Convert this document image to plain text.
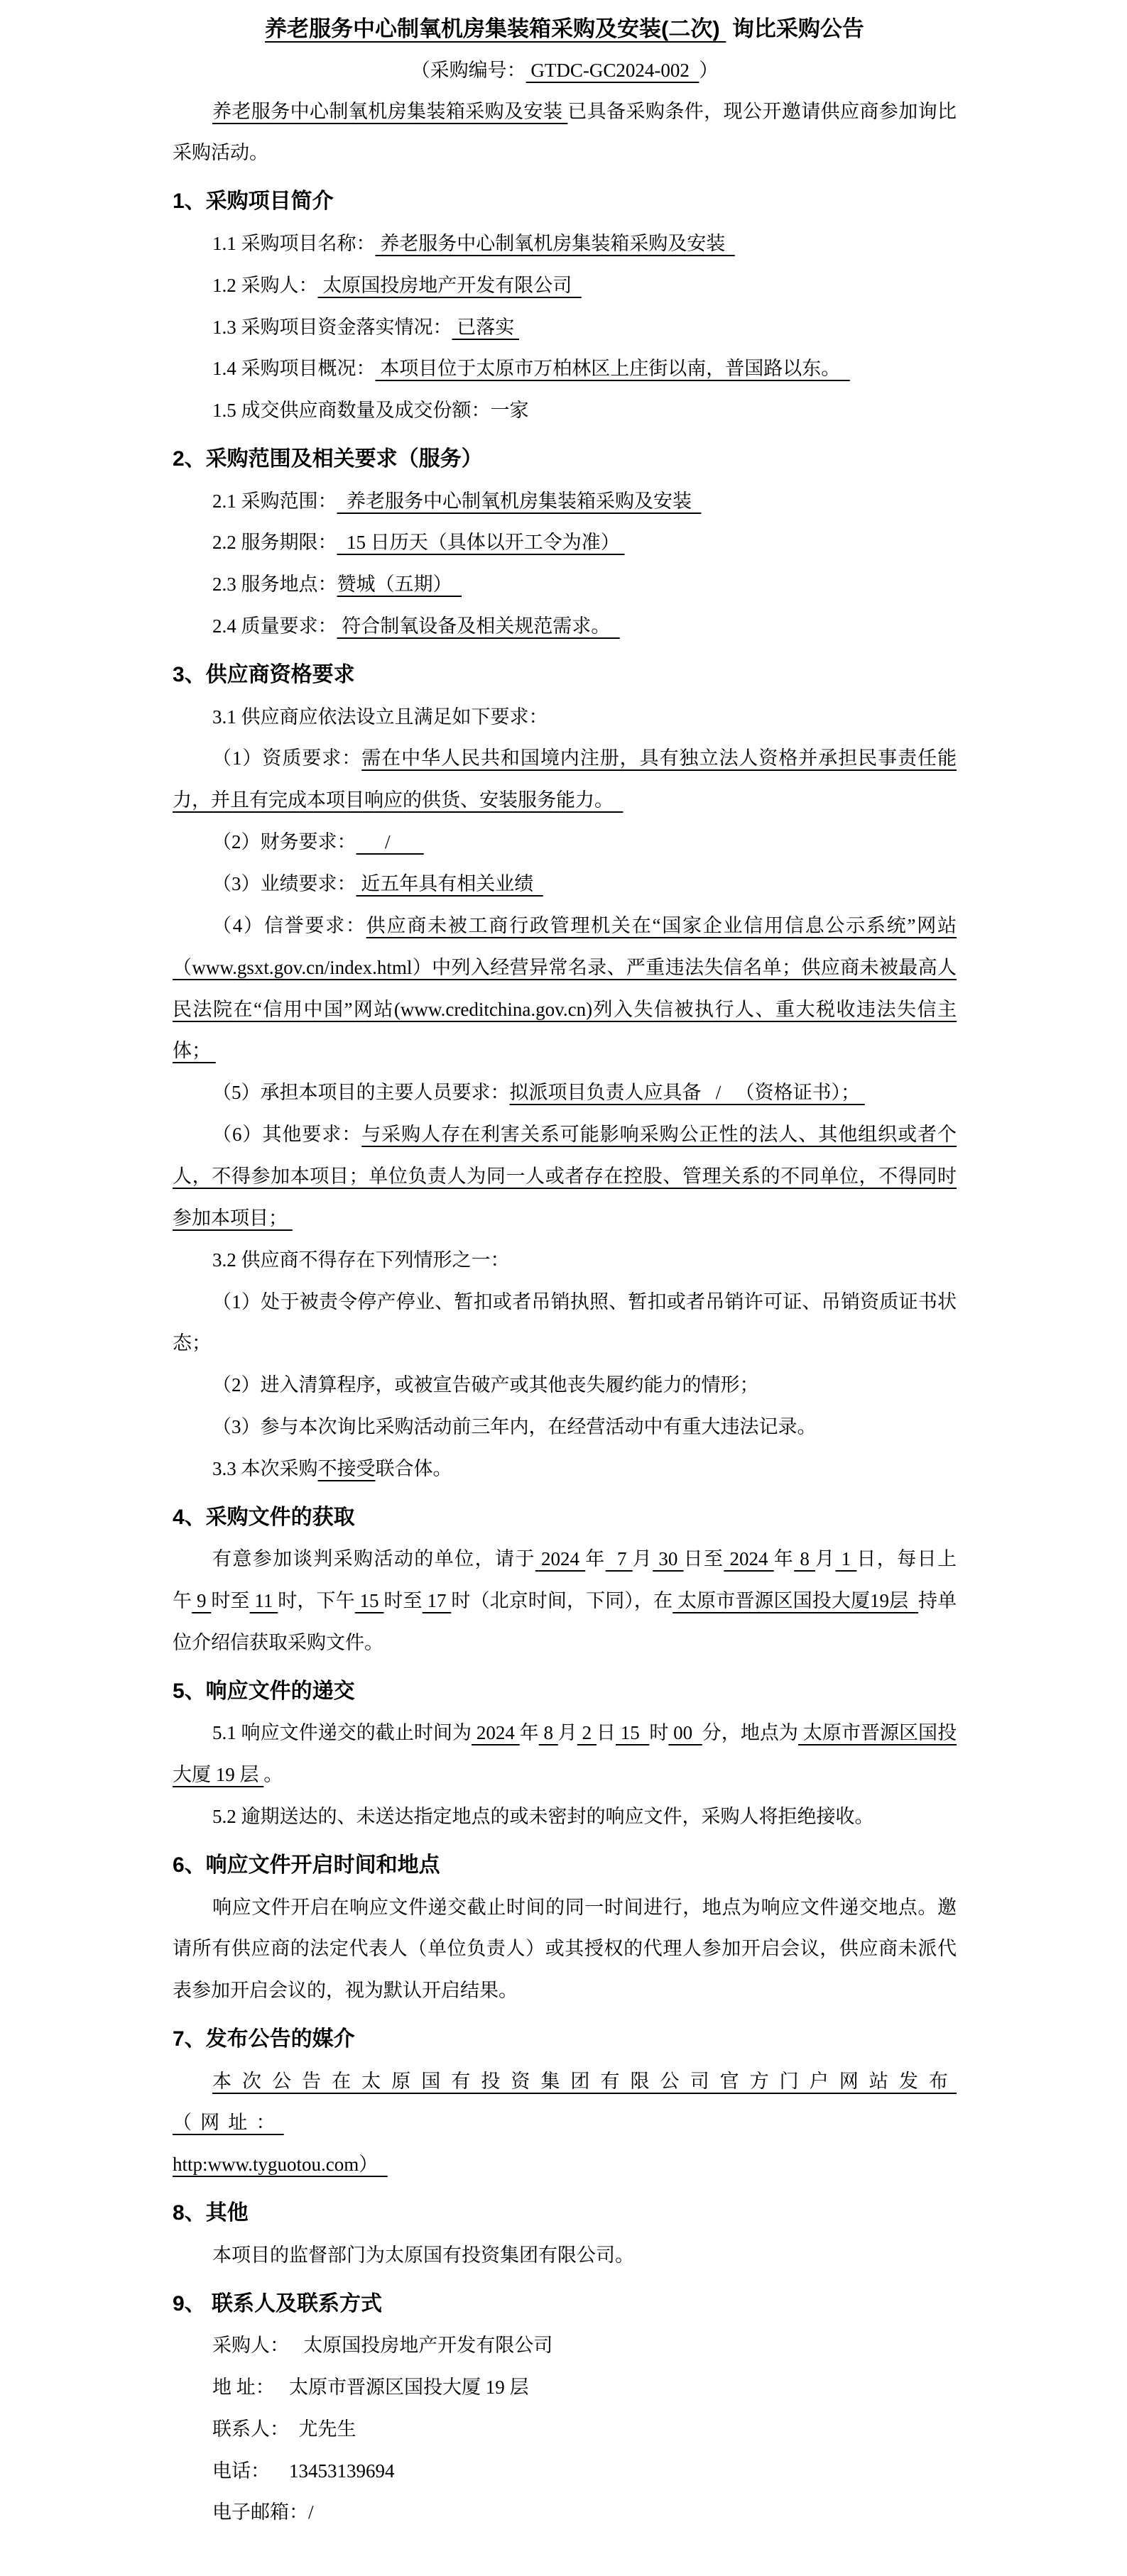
养老服务中心制氧机房集装箱采购及安装(二次)  询比采购公告

（采购编号： GTDC-GC2024-002  ）

养老服务中心制氧机房集装箱采购及安装 已具备采购条件，现公开邀请供应商参加询比采购活动。

1、采购项目简介

1.1 采购项目名称： 养老服务中心制氧机房集装箱采购及安装

1.2 采购人： 太原国投房地产开发有限公司

1.3 采购项目资金落实情况： 已落实

1.4 采购项目概况： 本项目位于太原市万柏林区上庄街以南，普国路以东。

1.5 成交供应商数量及成交份额：一家

2、采购范围及相关要求（服务）

2.1 采购范围：  养老服务中心制氧机房集装箱采购及安装

2.2 服务期限：  15 日历天（具体以开工令为准）

2.3 服务地点：赞城（五期）

2.4 质量要求： 符合制氧设备及相关规范需求。

3、供应商资格要求

3.1 供应商应依法设立且满足如下要求：

（1）资质要求：需在中华人民共和国境内注册，具有独立法人资格并承担民事责任能力，并且有完成本项目响应的供货、安装服务能力。

（2）财务要求：      /

（3）业绩要求： 近五年具有相关业绩

（4）信誉要求：供应商未被工商行政管理机关在“国家企业信用信息公示系统”网站（www.gsxt.gov.cn/index.html）中列入经营异常名录、严重违法失信名单；供应商未被最高人民法院在“信用中国”网站(www.creditchina.gov.cn)列入失信被执行人、重大税收违法失信主体；

（5）承担本项目的主要人员要求：拟派项目负责人应具备   /   （资格证书）；

（6）其他要求：与采购人存在利害关系可能影响采购公正性的法人、其他组织或者个人，不得参加本项目；单位负责人为同一人或者存在控股、管理关系的不同单位，不得同时参加本项目；

3.2 供应商不得存在下列情形之一：

（1）处于被责令停产停业、暂扣或者吊销执照、暂扣或者吊销许可证、吊销资质证书状态；

（2）进入清算程序，或被宣告破产或其他丧失履约能力的情形；

（3）参与本次询比采购活动前三年内，在经营活动中有重大违法记录。

3.3 本次采购不接受联合体。

4、采购文件的获取

有意参加谈判采购活动的单位，请于 2024 年  7 月 30 日至 2024 年 8 月 1 日，每日上午 9 时至 11 时，下午 15 时至 17 时（北京时间，下同），在 太原市晋源区国投大厦19层  持单位介绍信获取采购文件。

5、响应文件的递交

5.1 响应文件递交的截止时间为 2024 年 8 月 2 日 15  时 00  分，地点为 太原市晋源区国投大厦 19 层 。

5.2 逾期送达的、未送达指定地点的或未密封的响应文件，采购人将拒绝接收。

6、响应文件开启时间和地点

响应文件开启在响应文件递交截止时间的同一时间进行，地点为响应文件递交地点。邀请所有供应商的法定代表人（单位负责人）或其授权的代理人参加开启会议，供应商未派代表参加开启会议的，视为默认开启结果。

7、发布公告的媒介

本次公告在太原国有投资集团有限公司官方门户网站发布（网址：
http:www.tyguotou.com）

8、其他

本项目的监督部门为太原国有投资集团有限公司。

9、 联系人及联系方式

采购人：　 太原国投房地产开发有限公司

地 址：　 太原市晋源区国投大厦 19 层

联系人：　尤先生

电话：　  13453139694

电子邮箱：/
